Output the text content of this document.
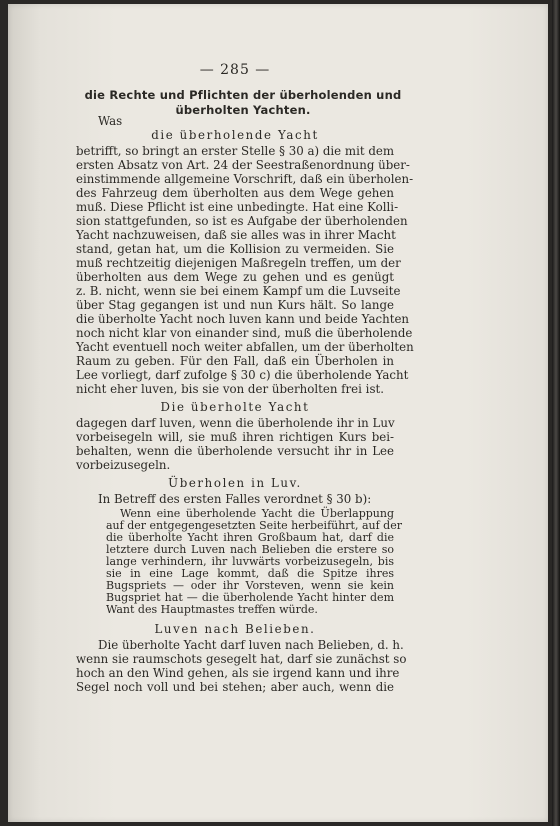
— 285 —
die Rechte und Pflichten der überholenden und
überholten Yachten.
Was
die überholende Yacht
betrifft, so bringt an erster Stelle § 30 a) die mit dem
ersten Absatz von Art. 24 der Seestraßenordnung über-
einstimmende allgemeine Vorschrift, daß ein überholen-
des Fahrzeug dem überholten aus dem Wege gehen
muß. Diese Pflicht ist eine unbedingte. Hat eine Kolli-
sion stattgefunden, so ist es Aufgabe der überholenden
Yacht nachzuweisen, daß sie alles was in ihrer Macht
stand, getan hat, um die Kollision zu vermeiden. Sie
muß rechtzeitig diejenigen Maßregeln treffen, um der
überholten aus dem Wege zu gehen und es genügt
z. B. nicht, wenn sie bei einem Kampf um die Luvseite
über Stag gegangen ist und nun Kurs hält. So lange
die überholte Yacht noch luven kann und beide Yachten
noch nicht klar von einander sind, muß die überholende
Yacht eventuell noch weiter abfallen, um der überholten
Raum zu geben. Für den Fall, daß ein Überholen in
Lee vorliegt, darf zufolge § 30 c) die überholende Yacht
nicht eher luven, bis sie von der überholten frei ist.
Die überholte Yacht
dagegen darf luven, wenn die überholende ihr in Luv
vorbeisegeln will, sie muß ihren richtigen Kurs bei-
behalten, wenn die überholende versucht ihr in Lee
vorbeizusegeln.
Überholen in Luv.
In Betreff des ersten Falles verordnet § 30 b):
Wenn eine überholende Yacht die Überlappung
auf der entgegengesetzten Seite herbeiführt, auf der
die überholte Yacht ihren Großbaum hat, darf die
letztere durch Luven nach Belieben die erstere so
lange verhindern, ihr luvwärts vorbeizusegeln, bis
sie in eine Lage kommt, daß die Spitze ihres
Bugspriets — oder ihr Vorsteven, wenn sie kein
Bugspriet hat — die überholende Yacht hinter dem
Want des Hauptmastes treffen würde.
Luven nach Belieben.
Die überholte Yacht darf luven nach Belieben, d. h.
wenn sie raumschots gesegelt hat, darf sie zunächst so
hoch an den Wind gehen, als sie irgend kann und ihre
Segel noch voll und bei stehen; aber auch, wenn die
